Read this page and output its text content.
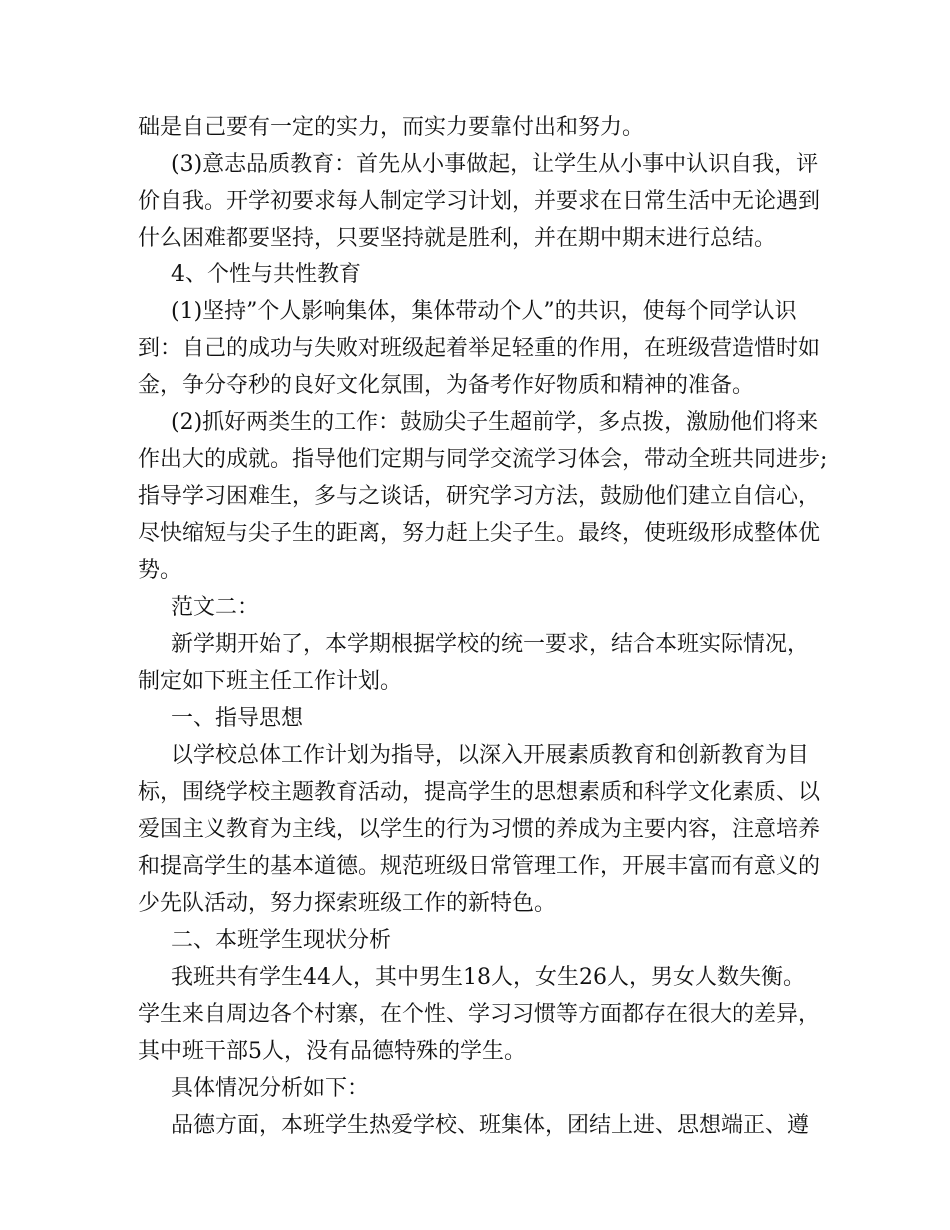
础是自己要有一定的实力，而实力要靠付出和努力。
(3)意志品质教育：首先从小事做起，让学生从小事中认识自我，评
价自我。开学初要求每人制定学习计划，并要求在日常生活中无论遇到
什么困难都要坚持，只要坚持就是胜利，并在期中期末进行总结。
4、个性与共性教育
(1)坚持”个人影响集体，集体带动个人”的共识，使每个同学认识
到：自己的成功与失败对班级起着举足轻重的作用，在班级营造惜时如
金，争分夺秒的良好文化氛围，为备考作好物质和精神的准备。
(2)抓好两类生的工作：鼓励尖子生超前学，多点拨，激励他们将来
作出大的成就。指导他们定期与同学交流学习体会，带动全班共同进步;
指导学习困难生，多与之谈话，研究学习方法，鼓励他们建立自信心，
尽快缩短与尖子生的距离，努力赶上尖子生。最终，使班级形成整体优
势。
范文二：
新学期开始了，本学期根据学校的统一要求，结合本班实际情况，
制定如下班主任工作计划。
一、指导思想
以学校总体工作计划为指导，以深入开展素质教育和创新教育为目
标，围绕学校主题教育活动，提高学生的思想素质和科学文化素质、以
爱国主义教育为主线，以学生的行为习惯的养成为主要内容，注意培养
和提高学生的基本道德。规范班级日常管理工作，开展丰富而有意义的
少先队活动，努力探索班级工作的新特色。
二、本班学生现状分析
我班共有学生44人，其中男生18人，女生26人，男女人数失衡。
学生来自周边各个村寨，在个性、学习习惯等方面都存在很大的差异，
其中班干部5人，没有品德特殊的学生。
具体情况分析如下：
品德方面，本班学生热爱学校、班集体，团结上进、思想端正、遵
